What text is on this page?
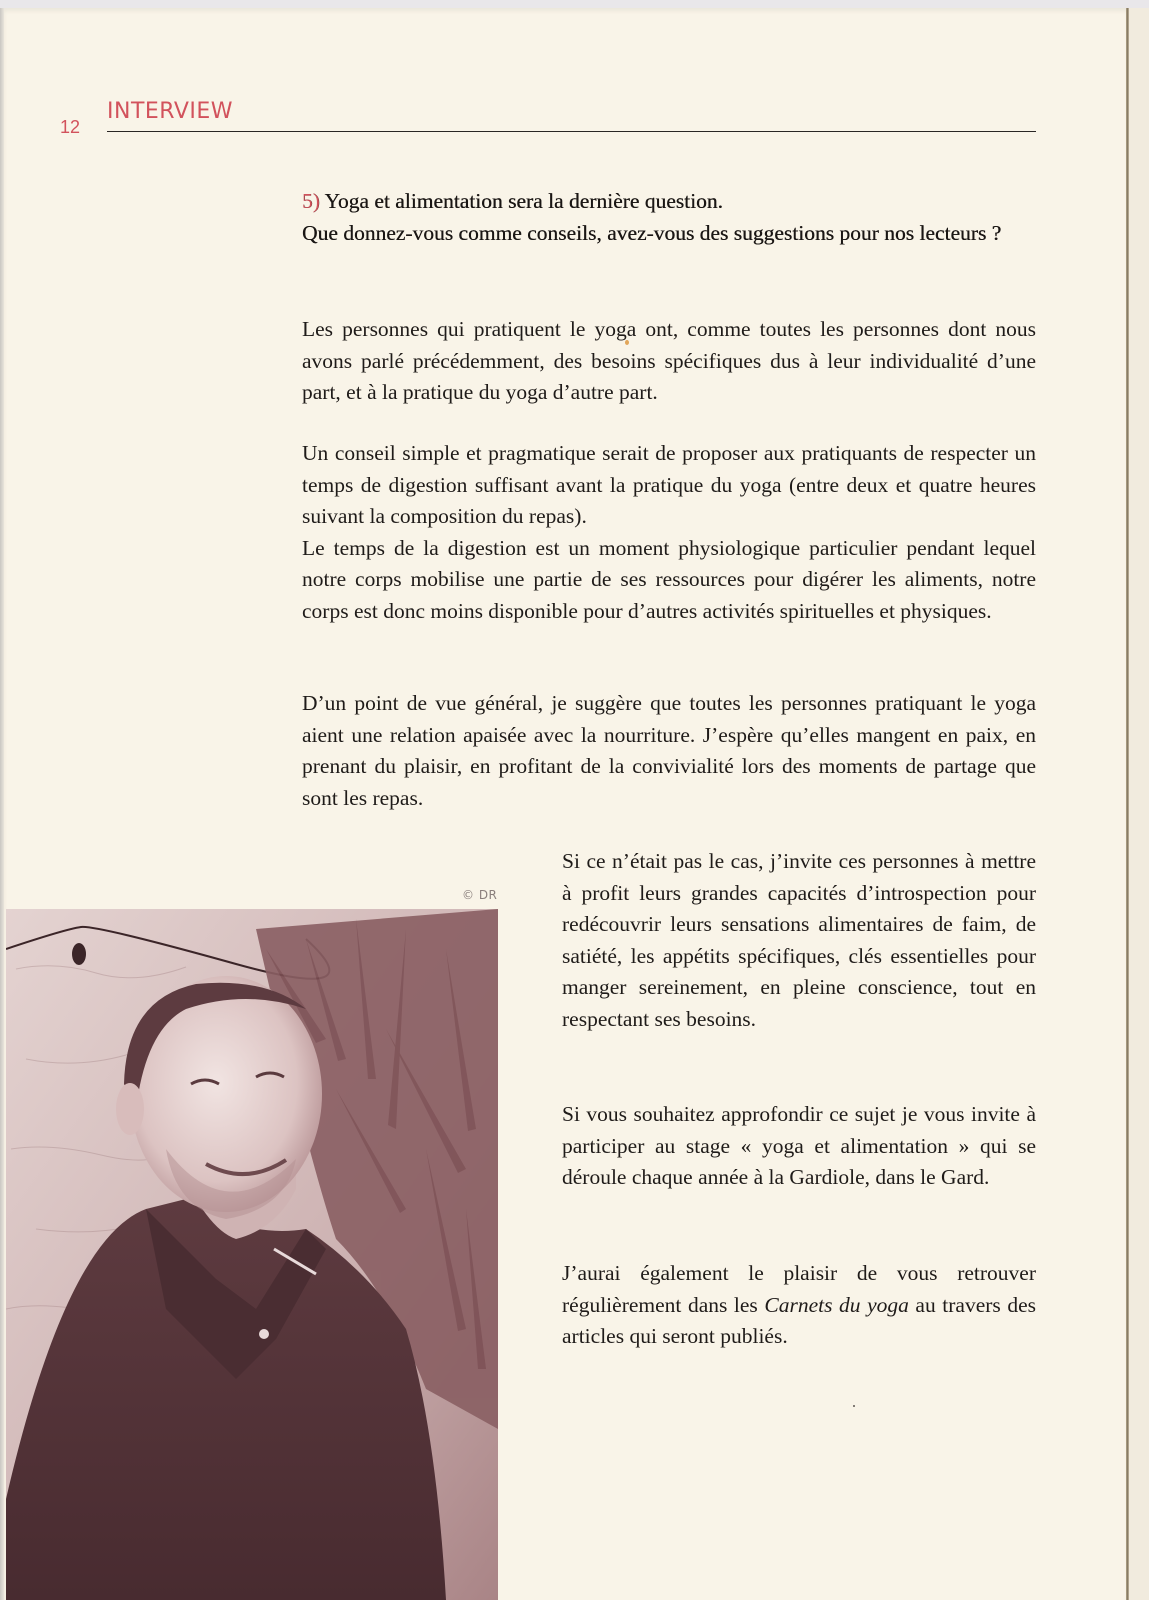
12
INTERVIEW

5) Yoga et alimentation sera la dernière question.

Que donnez-vous comme conseils, avez-vous des suggestions pour nos lecteurs ?

Les personnes qui pratiquent le yoga ont, comme toutes les personnes dont nous avons parlé précédemment, des besoins spécifiques dus à leur individualité d’une part, et à la pratique du yoga d’autre part.

Un conseil simple et pragmatique serait de proposer aux pratiquants de respecter un temps de digestion suffisant avant la pratique du yoga (entre deux et quatre heures suivant la composition du repas).

Le temps de la digestion est un moment physiologique particulier pendant lequel notre corps mobilise une partie de ses ressources pour digérer les aliments, notre corps est donc moins disponible pour d’autres activités spirituelles et physiques.

D’un point de vue général, je suggère que toutes les personnes pratiquant le yoga aient une relation apaisée avec la nourriture. J’espère qu’elles mangent en paix, en prenant du plaisir, en profitant de la convivialité lors des moments de partage que sont les repas.

Si ce n’était pas le cas, j’invite ces personnes à mettre à profit leurs grandes capacités d’introspection pour redécouvrir leurs sensations alimentaires de faim, de satiété, les appétits spécifiques, clés essentielles pour manger sereinement, en pleine conscience, tout en respectant ses besoins.

Si vous souhaitez approfondir ce sujet je vous invite à participer au stage « yoga et alimentation » qui se déroule chaque année à la Gardiole, dans le Gard.

J’aurai également le plaisir de vous retrouver régulièrement dans les Carnets du yoga au travers des articles qui seront publiés.

© DR
